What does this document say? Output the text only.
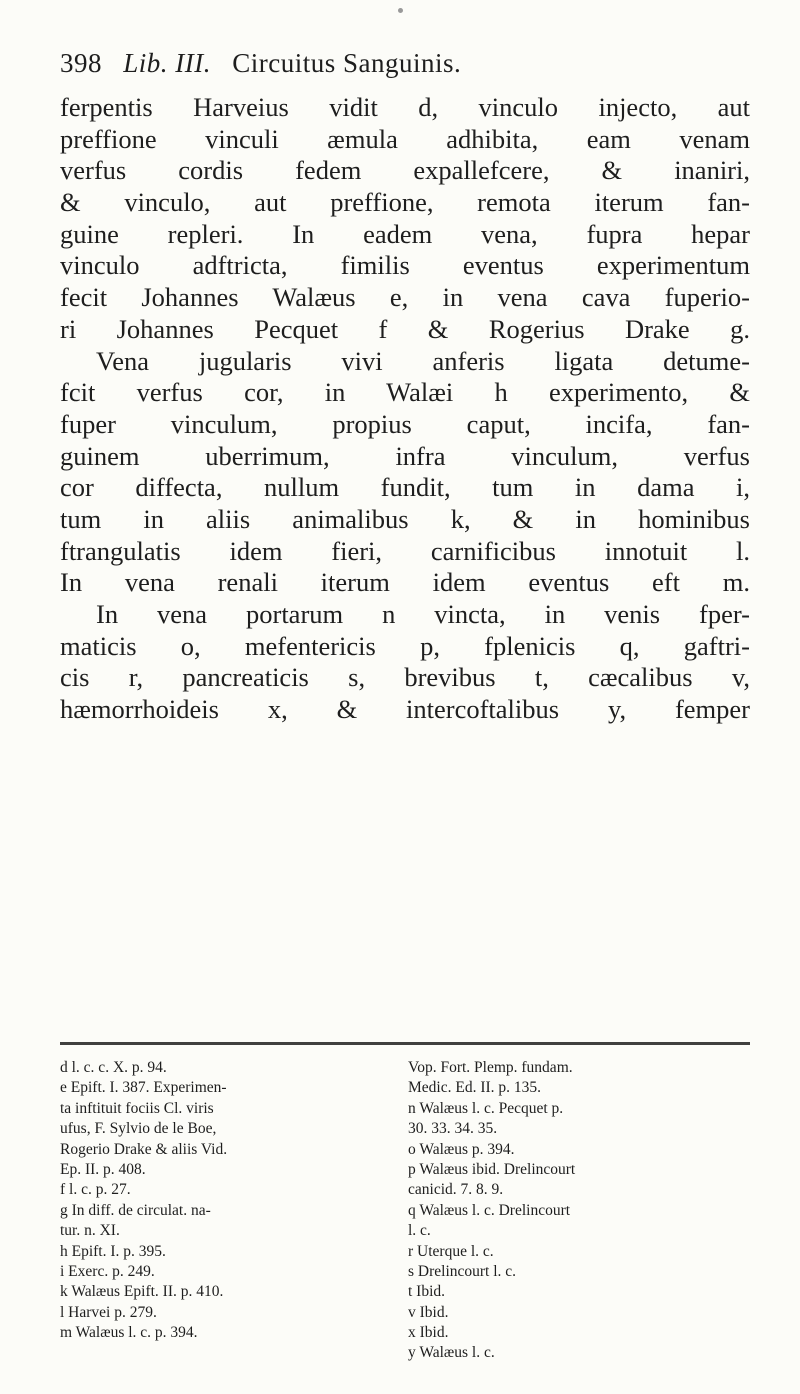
398 Lib. III. Circuitus Sanguinis.
ferpentis Harveius vidit d, vinculo injecto, aut
preffione vinculi æmula adhibita, eam venam
verfus cordis fedem expallefcere, & inaniri,
& vinculo, aut preffione, remota iterum fan-
guine repleri. In eadem vena, fupra hepar
vinculo adftricta, fimilis eventus experimentum
fecit Johannes Walæus e, in vena cava fuperio-
ri Johannes Pecquet f & Rogerius Drake g.
Vena jugularis vivi anferis ligata detume-
fcit verfus cor, in Walæi h experimento, &
fuper vinculum, propius caput, incifa, fan-
guinem uberrimum, infra vinculum, verfus
cor diffecta, nullum fundit, tum in dama i,
tum in aliis animalibus k, & in hominibus
ftrangulatis idem fieri, carnificibus innotuit l.
In vena renali iterum idem eventus eft m.
In vena portarum n vincta, in venis fper-
maticis o, mefentericis p, fplenicis q, gaftri-
cis r, pancreaticis s, brevibus t, cæcalibus v,
hæmorrhoideis x, & intercoftalibus y, femper
d l. c. c. X. p. 94.
e Epift. I. 387. Experimen-
ta inftituit fociis Cl. viris
ufus, F. Sylvio de le Boe,
Rogerio Drake & aliis Vid.
Ep. II. p. 408.
f l. c. p. 27.
g In diff. de circulat. na-
tur. n. XI.
h Epift. I. p. 395.
i Exerc. p. 249.
k Walæus Epift. II. p. 410.
l Harvei p. 279.
m Walæus l. c. p. 394.
Vop. Fort. Plemp. fundam.
Medic. Ed. II. p. 135.
n Walæus l. c. Pecquet p.
30. 33. 34. 35.
o Walæus p. 394.
p Walæus ibid. Drelincourt
canicid. 7. 8. 9.
q Walæus l. c. Drelincourt
l. c.
r Uterque l. c.
s Drelincourt l. c.
t Ibid.
v Ibid.
x Ibid.
y Walæus l. c.
